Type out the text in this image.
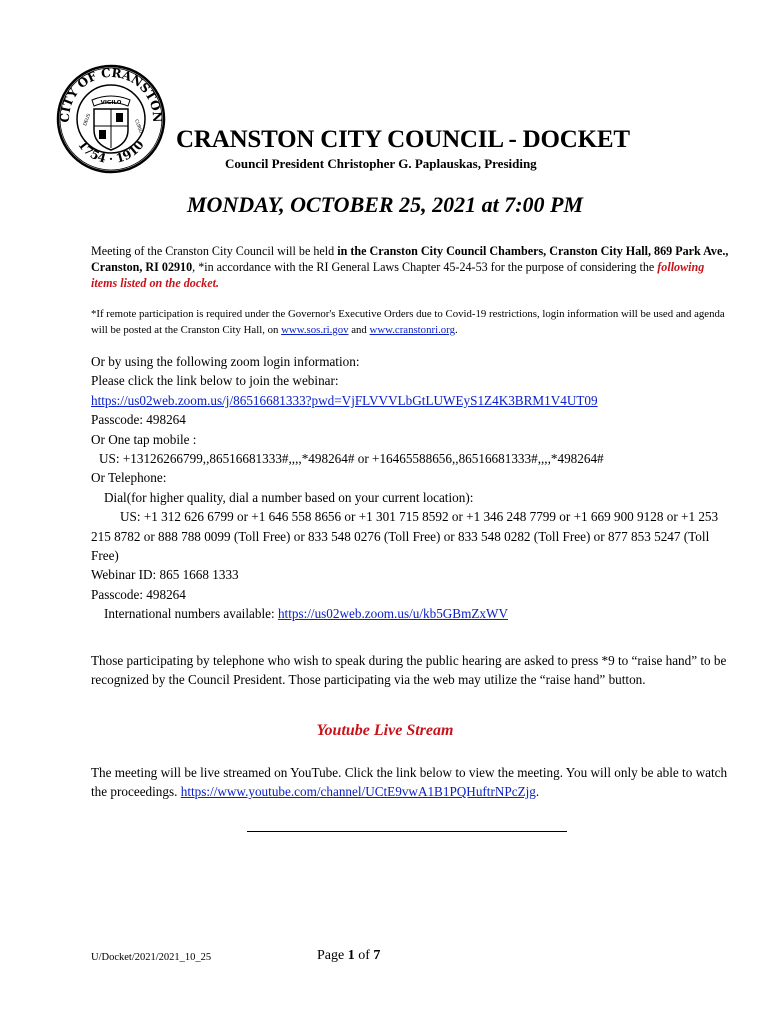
CITY OF CRANSTON
1754 · 1910
VIGILO
DEUS	CURIO CRANSTON CITY COUNCIL - DOCKET
Council President Christopher G. Paplauskas, Presiding
MONDAY, OCTOBER 25, 2021 at 7:00 PM
Meeting of the Cranston City Council will be held in the Cranston City Council Chambers, Cranston City Hall, 869 Park Ave., Cranston, RI 02910, *in accordance with the RI General Laws Chapter 45-24-53 for the purpose of considering the following items listed on the docket.
*If remote participation is required under the Governor's Executive Orders due to Covid-19 restrictions, login information will be used and agenda will be posted at the Cranston City Hall, on www.sos.ri.gov and www.cranstonri.org.
Or by using the following zoom login information:
Please click the link below to join the webinar:
https://us02web.zoom.us/j/86516681333?pwd=VjFLVVVLbGtLUWEyS1Z4K3BRM1V4UT09
Passcode: 498264
Or One tap mobile :
US: +13126266799,,86516681333#,,,,*498264# or +16465588656,,86516681333#,,,,*498264#
Or Telephone:
Dial(for higher quality, dial a number based on your current location):
US: +1 312 626 6799 or +1 646 558 8656 or +1 301 715 8592 or +1 346 248 7799 or +1 669 900 9128 or +1 253 215 8782 or 888 788 0099 (Toll Free) or 833 548 0276 (Toll Free) or 833 548 0282 (Toll Free) or 877 853 5247 (Toll Free)
Webinar ID: 865 1668 1333
Passcode: 498264
International numbers available: https://us02web.zoom.us/u/kb5GBmZxWV
Those participating by telephone who wish to speak during the public hearing are asked to press *9 to “raise hand” to be recognized by the Council President. Those participating via the web may utilize the “raise hand” button.
Youtube Live Stream
The meeting will be live streamed on YouTube. Click the link below to view the meeting. You will only be able to watch the proceedings. https://www.youtube.com/channel/UCtE9vwA1B1PQHuftrNPcZjg.
U/Docket/2021/2021_10_25	Page 1 of 7
